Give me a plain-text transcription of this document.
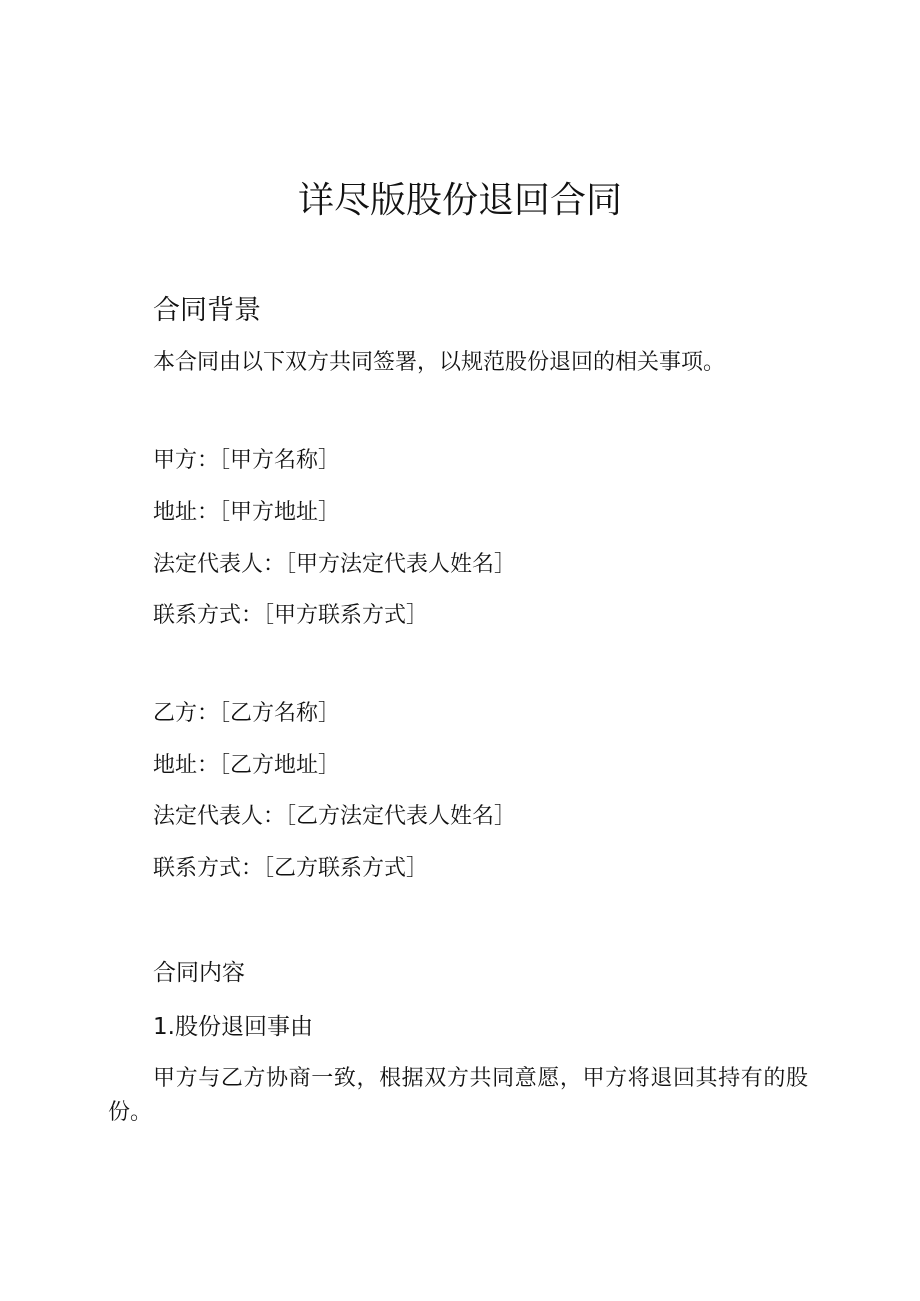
详尽版股份退回合同
合同背景

本合同由以下双方共同签署，以规范股份退回的相关事项。

甲方：［甲方名称］

地址：［甲方地址］

法定代表人：［甲方法定代表人姓名］

联系方式：［甲方联系方式］

乙方：［乙方名称］

地址：［乙方地址］

法定代表人：［乙方法定代表人姓名］

联系方式：［乙方联系方式］

合同内容
1.股份退回事由

甲方与乙方协商一致，根据双方共同意愿，甲方将退回其持有的股份。
